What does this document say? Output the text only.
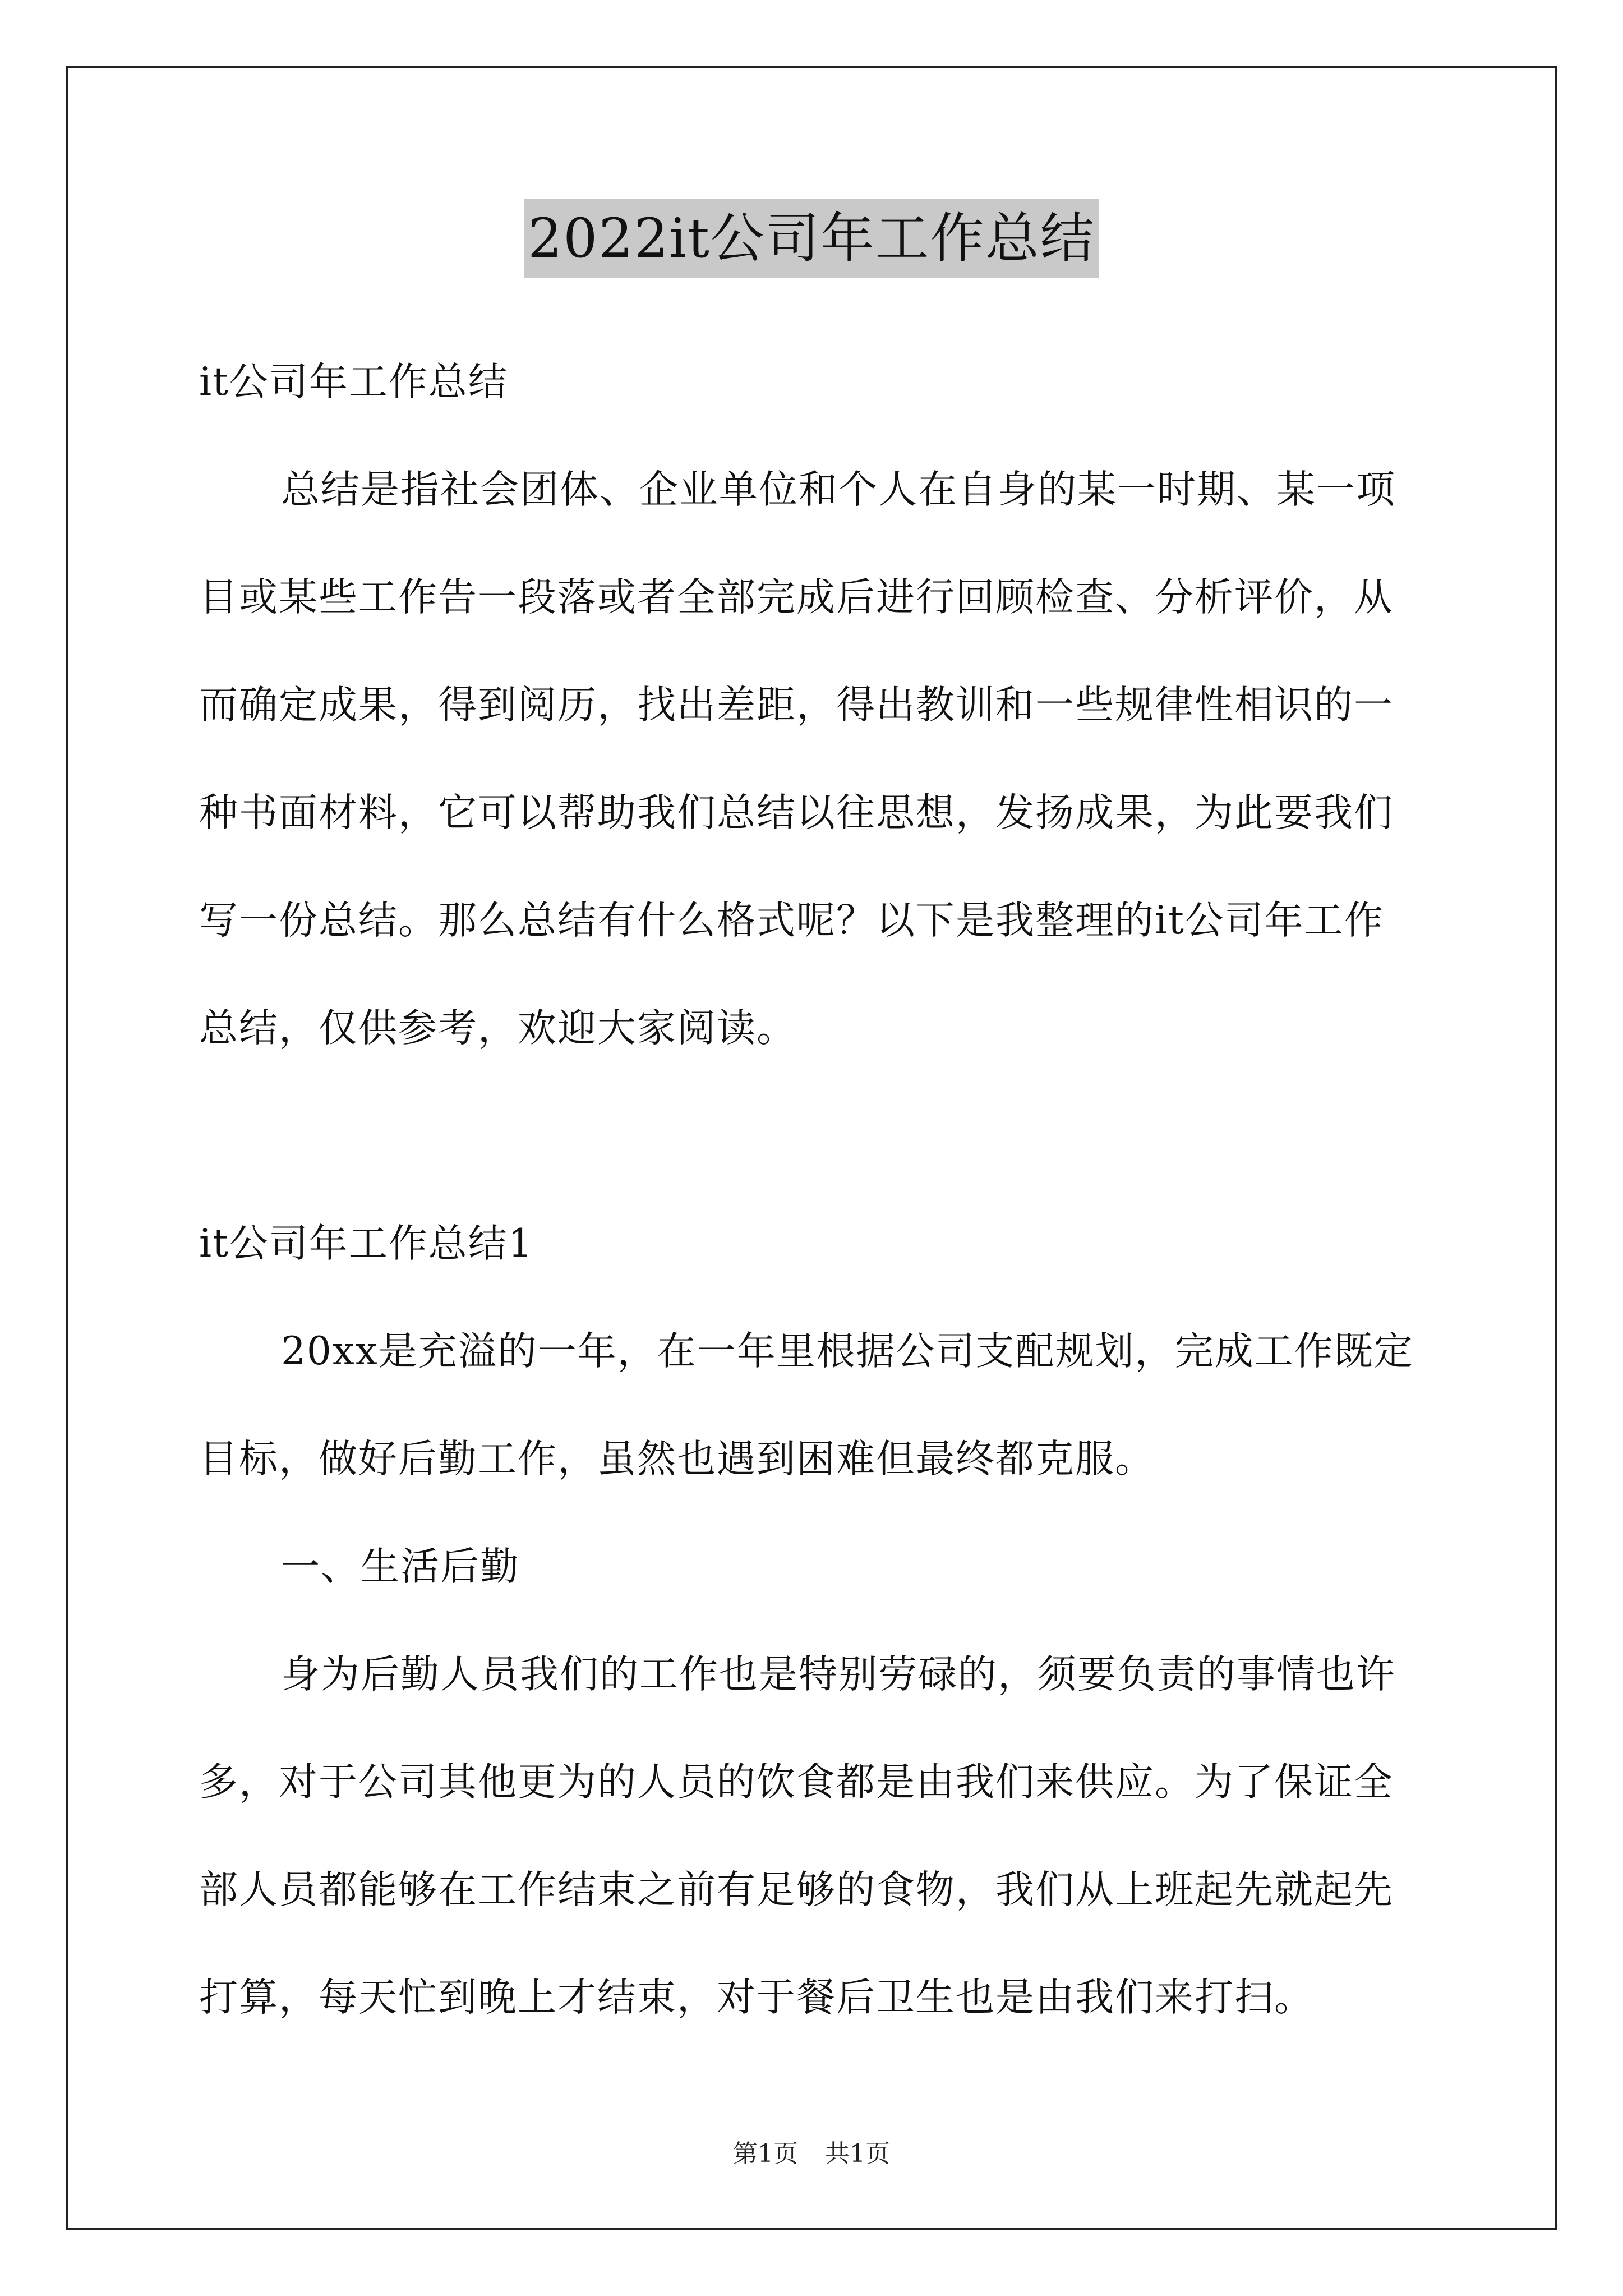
2022it公司年工作总结

it公司年工作总结

总结是指社会团体、企业单位和个人在自身的某一时期、某一项目或某些工作告一段落或者全部完成后进行回顾检查、分析评价，从而确定成果，得到阅历，找出差距，得出教训和一些规律性相识的一种书面材料，它可以帮助我们总结以往思想，发扬成果，为此要我们写一份总结。那么总结有什么格式呢？以下是我整理的it公司年工作总结，仅供参考，欢迎大家阅读。

it公司年工作总结1

20xx是充溢的一年，在一年里根据公司支配规划，完成工作既定目标，做好后勤工作，虽然也遇到困难但最终都克服。

一、生活后勤

身为后勤人员我们的工作也是特别劳碌的，须要负责的事情也许多，对于公司其他更为的人员的饮食都是由我们来供应。为了保证全部人员都能够在工作结束之前有足够的食物，我们从上班起先就起先打算，每天忙到晚上才结束，对于餐后卫生也是由我们来打扫。

第1页 共1页
